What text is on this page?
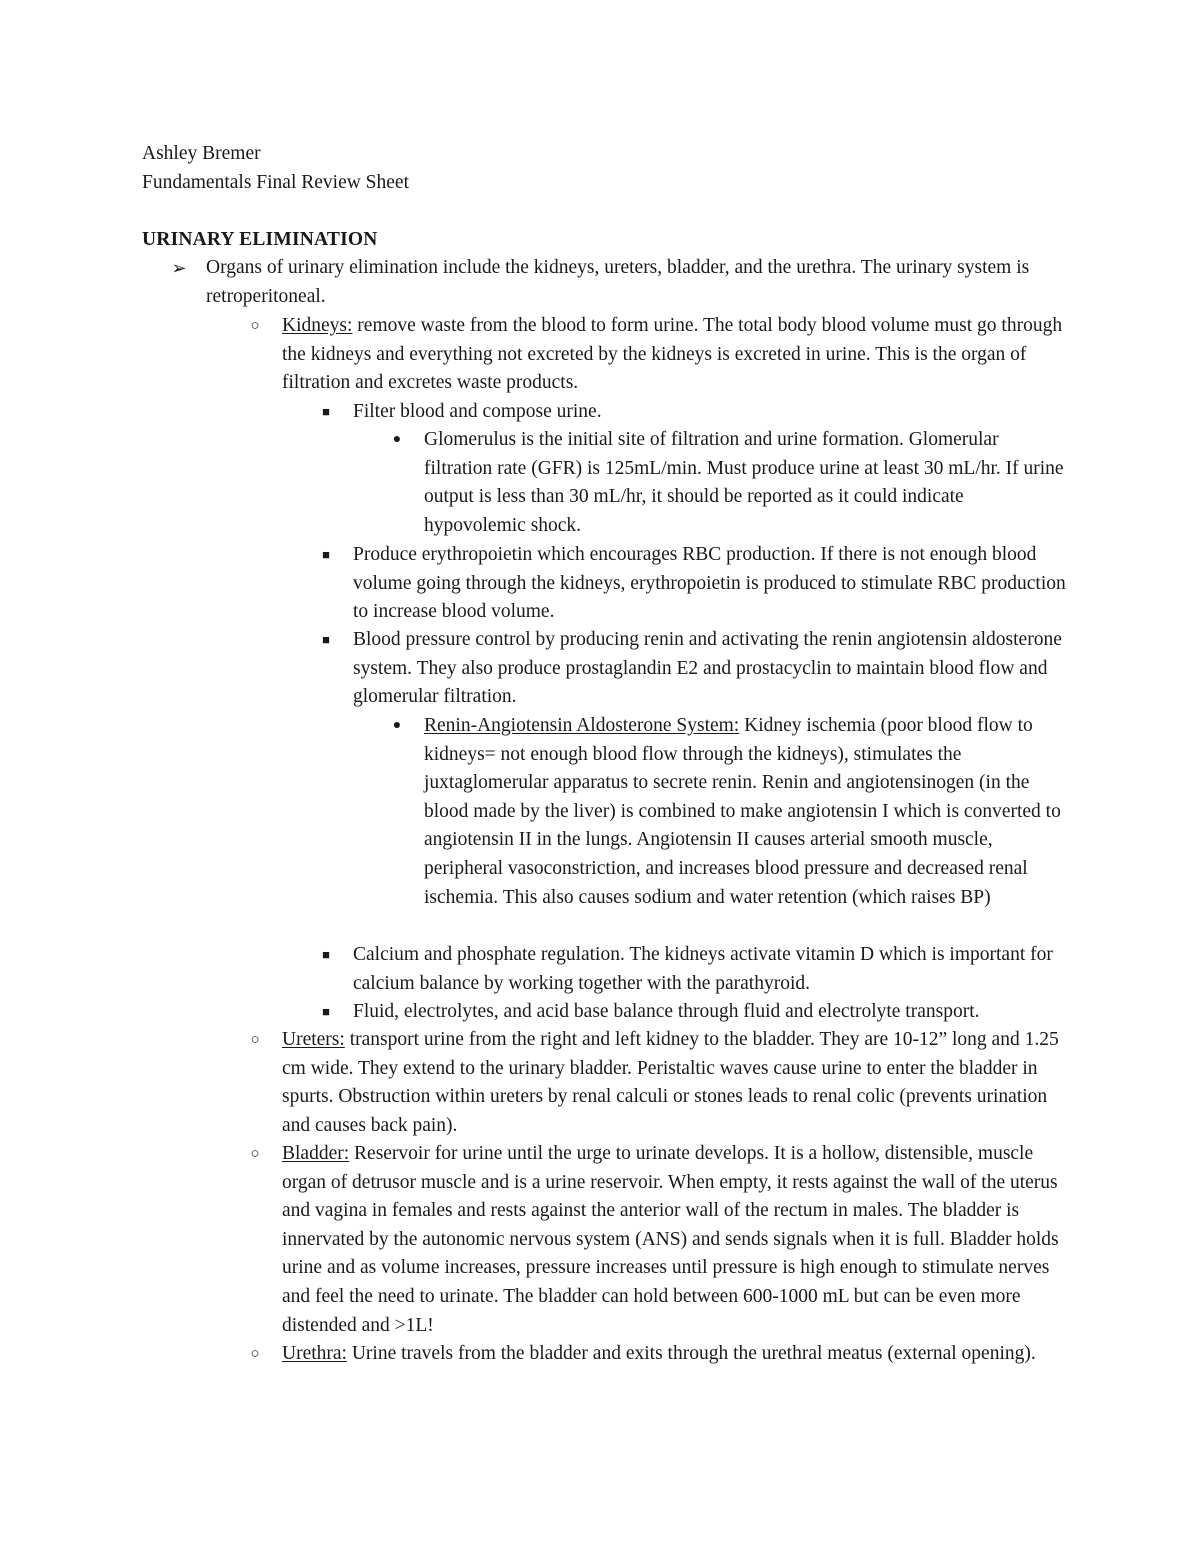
Ashley Bremer
Fundamentals Final Review Sheet
URINARY ELIMINATION
➢ Organs of urinary elimination include the kidneys, ureters, bladder, and the urethra. The urinary system is retroperitoneal.
○	Kidneys: remove waste from the blood to form urine. The total body blood volume must go through the kidneys and everything not excreted by the kidneys is excreted in urine. This is the organ of filtration and excretes waste products.
■	Filter blood and compose urine.
●	Glomerulus is the initial site of filtration and urine formation. Glomerular filtration rate (GFR) is 125mL/min. Must produce urine at least 30 mL/hr. If urine output is less than 30 mL/hr, it should be reported as it could indicate hypovolemic shock.
■	Produce erythropoietin which encourages RBC production. If there is not enough blood volume going through the kidneys, erythropoietin is produced to stimulate RBC production to increase blood volume.
■	Blood pressure control by producing renin and activating the renin angiotensin aldosterone system. They also produce prostaglandin E2 and prostacyclin to maintain blood flow and glomerular filtration.
●	Renin-Angiotensin Aldosterone System: Kidney ischemia (poor blood flow to kidneys= not enough blood flow through the kidneys), stimulates the juxtaglomerular apparatus to secrete renin. Renin and angiotensinogen (in the blood made by the liver) is combined to make angiotensin I which is converted to angiotensin II in the lungs. Angiotensin II causes arterial smooth muscle, peripheral vasoconstriction, and increases blood pressure and decreased renal ischemia. This also causes sodium and water retention (which raises BP)
■	Calcium and phosphate regulation. The kidneys activate vitamin D which is important for calcium balance by working together with the parathyroid.
■	Fluid, electrolytes, and acid base balance through fluid and electrolyte transport.
○	Ureters: transport urine from the right and left kidney to the bladder. They are 10-12” long and 1.25 cm wide. They extend to the urinary bladder. Peristaltic waves cause urine to enter the bladder in spurts. Obstruction within ureters by renal calculi or stones leads to renal colic (prevents urination and causes back pain).
○	Bladder: Reservoir for urine until the urge to urinate develops. It is a hollow, distensible, muscle organ of detrusor muscle and is a urine reservoir. When empty, it rests against the wall of the uterus and vagina in females and rests against the anterior wall of the rectum in males. The bladder is innervated by the autonomic nervous system (ANS) and sends signals when it is full. Bladder holds urine and as volume increases, pressure increases until pressure is high enough to stimulate nerves and feel the need to urinate. The bladder can hold between 600-1000 mL but can be even more distended and >1L!
○	Urethra: Urine travels from the bladder and exits through the urethral meatus (external opening).
